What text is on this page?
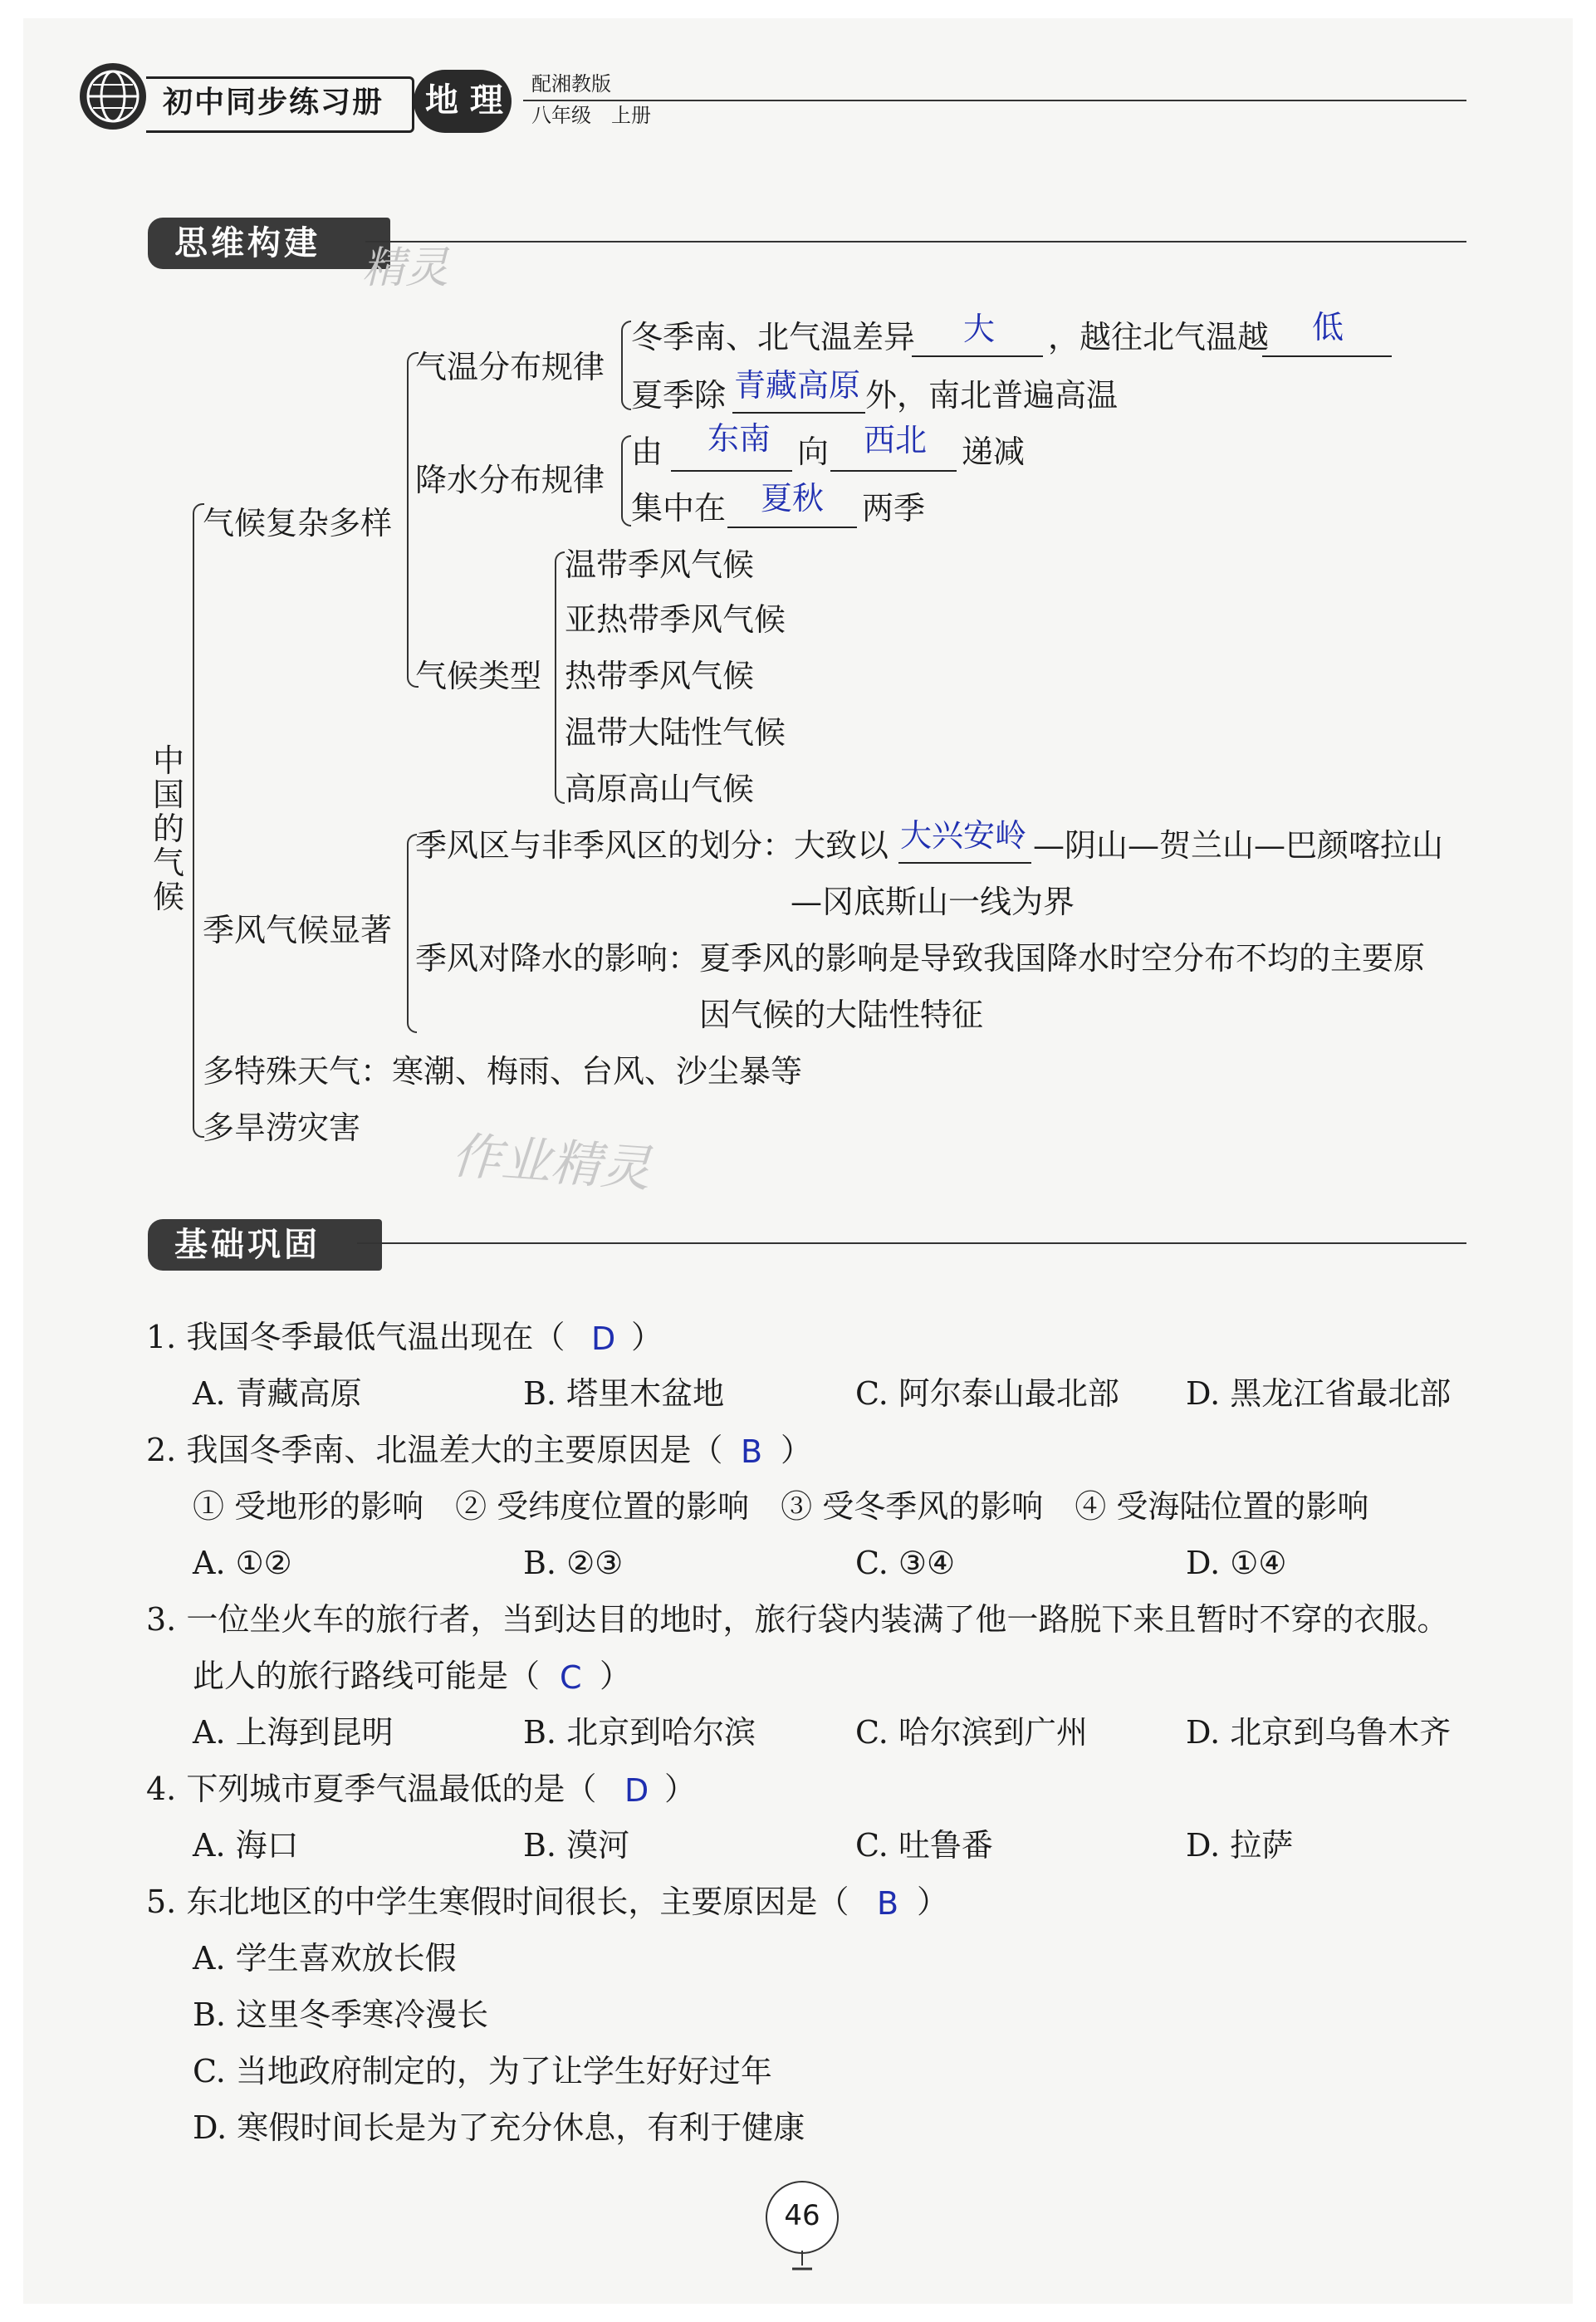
初中同步练习册 地 理 配湘教版
八年级　上册
思维构建 精灵
中国的气候
气候复杂多样
气温分布规律
冬季南、北气温差异 大 ，越往北气温越 低
夏季除 青藏高原 外，南北普遍高温
降水分布规律
由 东南 向 西北 递减
集中在 夏秋 两季
气候类型
温带季风气候
亚热带季风气候
热带季风气候
温带大陆性气候
高原高山气候
季风气候显著
季风区与非季风区的划分：大致以 大兴安岭 —阴山—贺兰山—巴颜喀拉山
—冈底斯山一线为界
季风对降水的影响：夏季风的影响是导致我国降水时空分布不均的主要原
因气候的大陆性特征
多特殊天气：寒潮、梅雨、台风、沙尘暴等
多旱涝灾害 作业精灵
基础巩固
1. 我国冬季最低气温出现在（ D ）
A. 青藏高原	B. 塔里木盆地	C. 阿尔泰山最北部 D. 黑龙江省最北部
2. 我国冬季南、北温差大的主要原因是（ B ）
① 受地形的影响　② 受纬度位置的影响　③ 受冬季风的影响　④ 受海陆位置的影响
A. ①②	B. ②③	C. ③④	D. ①④
3. 一位坐火车的旅行者，当到达目的地时，旅行袋内装满了他一路脱下来且暂时不穿的衣服。
此人的旅行路线可能是（ C ）
A. 上海到昆明	B. 北京到哈尔滨	C. 哈尔滨到广州	D. 北京到乌鲁木齐
4. 下列城市夏季气温最低的是（ D ）
A. 海口	B. 漠河	C. 吐鲁番	D. 拉萨
5. 东北地区的中学生寒假时间很长，主要原因是（ B ）
A. 学生喜欢放长假
B. 这里冬季寒冷漫长
C. 当地政府制定的，为了让学生好好过年
D. 寒假时间长是为了充分休息，有利于健康
46
